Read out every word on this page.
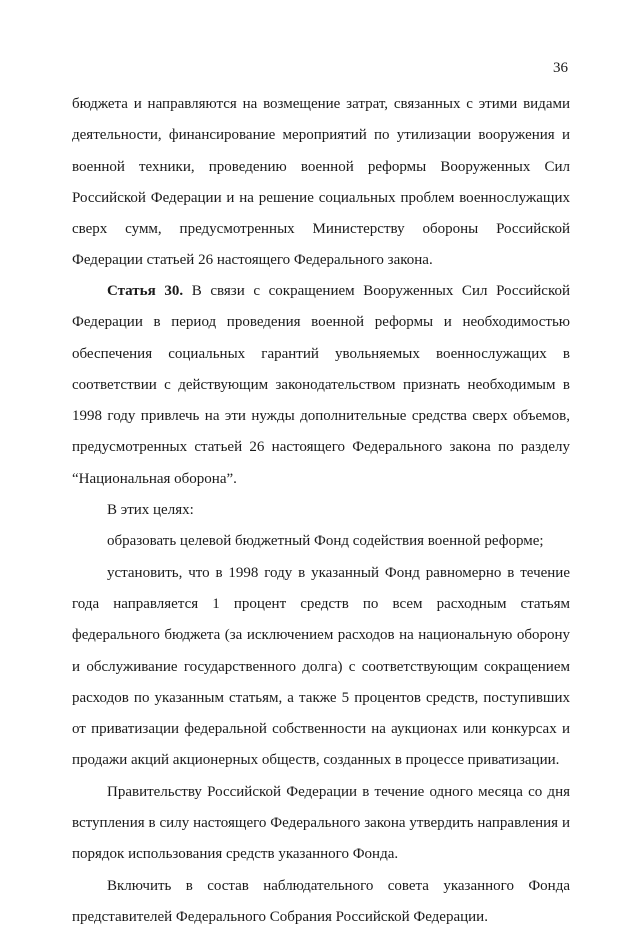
36

бюджета и направляются на возмещение затрат, связанных с этими видами деятельности, финансирование мероприятий по утилизации вооружения и военной техники, проведению военной реформы Вооруженных Сил Российской Федерации и на решение социальных проблем военнослужащих сверх сумм, предусмотренных Министерству обороны Российской Федерации статьей 26 настоящего Федерального закона.

Статья 30. В связи с сокращением Вооруженных Сил Российской Федерации в период проведения военной реформы и необходимостью обеспечения социальных гарантий увольняемых военнослужащих в соответствии с действующим законодательством признать необходимым в 1998 году привлечь на эти нужды дополнительные средства сверх объемов, предусмотренных статьей 26 настоящего Федерального закона по разделу “Национальная оборона”.

В этих целях:

образовать целевой бюджетный Фонд содействия военной реформе;

установить, что в 1998 году в указанный Фонд равномерно в течение года направляется 1 процент средств по всем расходным статьям федерального бюджета (за исключением расходов на национальную оборону и обслуживание государственного долга) с соответствующим сокращением расходов по указанным статьям, а также 5 процентов средств, поступивших от приватизации федеральной собственности на аукционах или конкурсах и продажи акций акционерных обществ, созданных в процессе приватизации.

Правительству Российской Федерации в течение одного месяца со дня вступления в силу настоящего Федерального закона утвердить направления и порядок использования средств указанного Фонда.

Включить в состав наблюдательного совета указанного Фонда представителей Федерального Собрания Российской Федерации.
